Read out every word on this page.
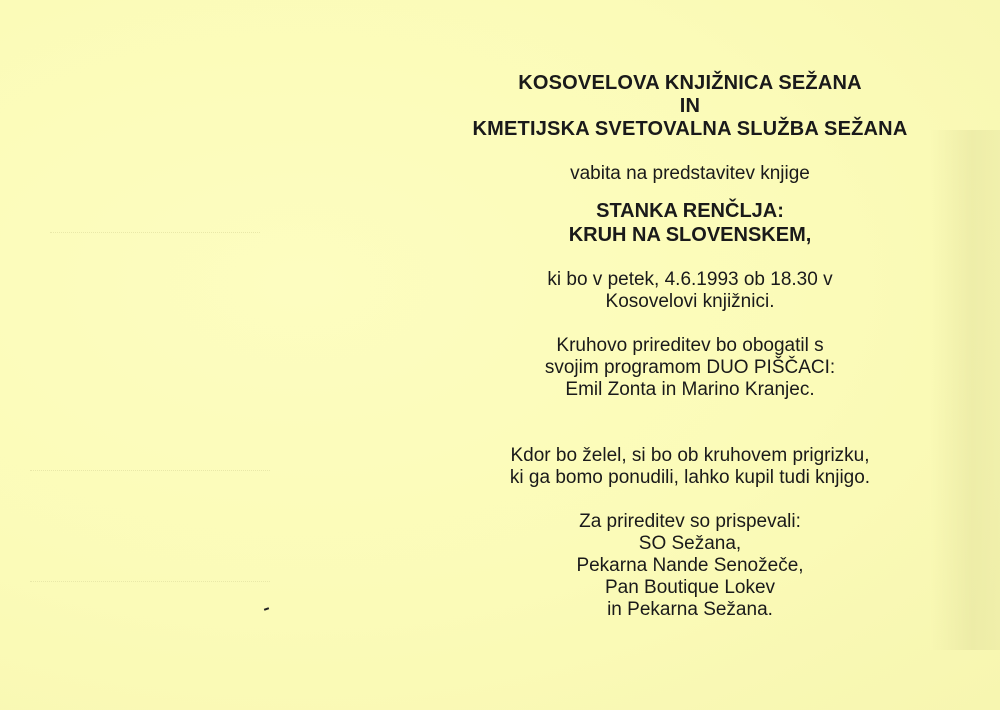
KOSOVELOVA KNJIŽNICA SEŽANA

IN

KMETIJSKA SVETOVALNA SLUŽBA SEŽANA

vabita na predstavitev knjige

STANKA RENČLJA:

KRUH NA SLOVENSKEM,

ki bo v petek, 4.6.1993 ob 18.30 v

Kosovelovi knjižnici.

Kruhovo prireditev bo obogatil s

svojim programom DUO PIŠČACI:

Emil Zonta in Marino Kranjec.

Kdor bo želel, si bo ob kruhovem prigrizku,

ki ga bomo ponudili, lahko kupil tudi knjigo.

Za prireditev so prispevali:

SO Sežana,

Pekarna Nande Senožeče,

Pan Boutique Lokev

in Pekarna Sežana.
